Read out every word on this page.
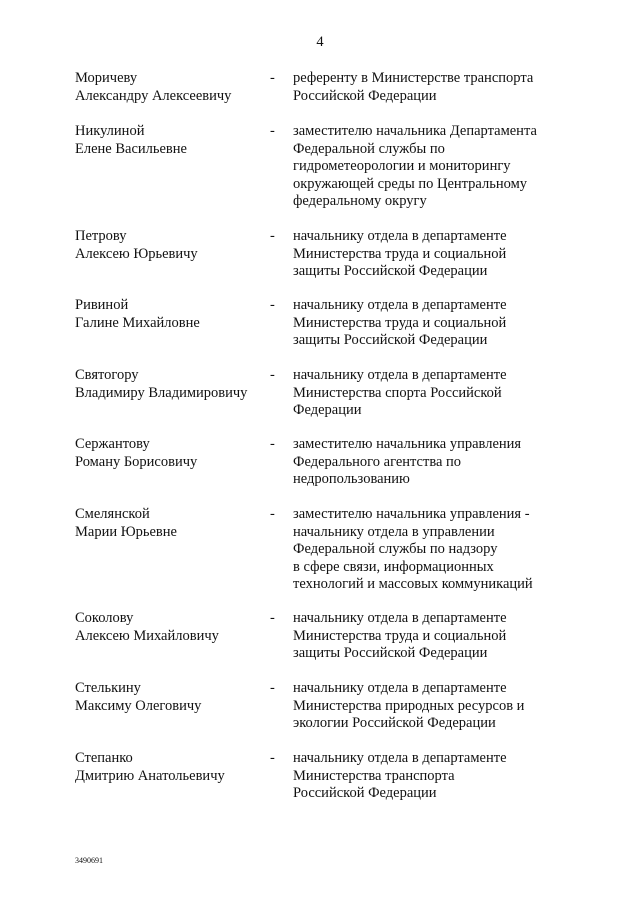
4
Моричеву
Александру Алексеевичу
- референту в Министерстве транспорта
Российской Федерации
Никулиной
Елене Васильевне
- заместителю начальника Департамента
Федеральной службы по
гидрометеорологии и мониторингу
окружающей среды по Центральному
федеральному округу
Петрову
Алексею Юрьевичу
- начальнику отдела в департаменте
Министерства труда и социальной
защиты Российской Федерации
Ривиной
Галине Михайловне
- начальнику отдела в департаменте
Министерства труда и социальной
защиты Российской Федерации
Святогору
Владимиру Владимировичу
- начальнику отдела в департаменте
Министерства спорта Российской
Федерации
Сержантову
Роману Борисовичу
- заместителю начальника управления
Федерального агентства по
недропользованию
Смелянской
Марии Юрьевне
- заместителю начальника управления -
начальнику отдела в управлении
Федеральной службы по надзору
в сфере связи, информационных
технологий и массовых коммуникаций
Соколову
Алексею Михайловичу
- начальнику отдела в департаменте
Министерства труда и социальной
защиты Российской Федерации
Стелькину
Максиму Олеговичу
- начальнику отдела в департаменте
Министерства природных ресурсов и
экологии Российской Федерации
Степанко
Дмитрию Анатольевичу
- начальнику отдела в департаменте
Министерства транспорта
Российской Федерации
3490691
